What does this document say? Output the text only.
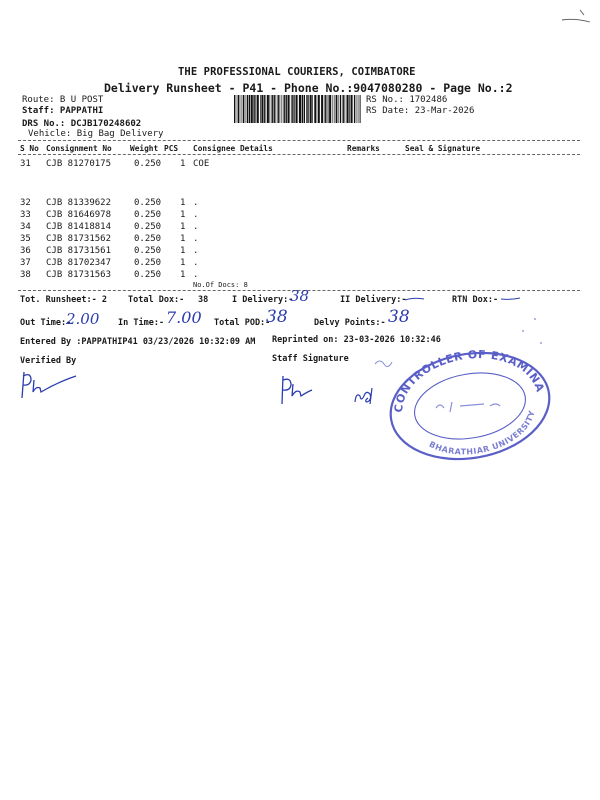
THE PROFESSIONAL COURIERS, COIMBATORE
Delivery Runsheet - P41 - Phone No.:9047080280 - Page No.:2
Route: B U POST
Staff: PAPPATHI
DRS No.: DCJB170248602
Vehicle: Big Bag Delivery
RS No.: 1702486
RS Date: 23-Mar-2026
S No Consignment No Weight PCS Consignee Details	Remarks	Seal & Signature
31 CJB 81270175	0.250 1 COE
32 CJB 81339622	0.250 1 .
33 CJB 81646978	0.250 1 .
34 CJB 81418814	0.250 1 .
35 CJB 81731562	0.250 1 .
36 CJB 81731561	0.250 1 .
37 CJB 81702347	0.250 1 .
38 CJB 81731563	0.250 1 .
No.Of Docs: 8
Tot. Runsheet:- 2 Total Dox:- 38	I Delivery:-
38	II Delivery:-	RTN Dox:-
Out Time:-
2.00 In Time:- 7.00 Total POD:-
38	Delvy Points:- 38
Entered By :PAPPATHIP41 03/23/2026 10:32:09 AM Reprinted on: 23-03-2026 10:32:46
Verified By	Staff Signature
CONTROLLER OF EXAMINATIONS
BHARATHIAR UNIVERSITY
